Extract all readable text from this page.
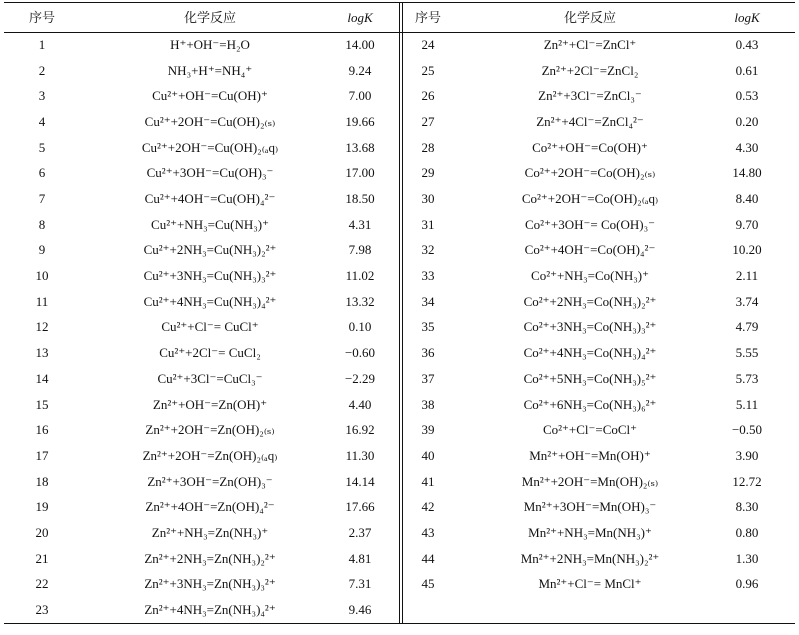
序号	化学反应	logK	序号	化学反应	logK
1	H⁺+OH⁻=H₂O	14.00
2	NH₃+H⁺=NH₄⁺	9.24
3	Cu²⁺+OH⁻=Cu(OH)⁺	7.00
4	Cu²⁺+2OH⁻=Cu(OH)₂₍ₛ₎	19.66
5	Cu²⁺+2OH⁻=Cu(OH)₂₍ₐq₎	13.68
6	Cu²⁺+3OH⁻=Cu(OH)₃⁻	17.00
7	Cu²⁺+4OH⁻=Cu(OH)₄²⁻	18.50
8	Cu²⁺+NH₃=Cu(NH₃)⁺	4.31
9	Cu²⁺+2NH₃=Cu(NH₃)₂²⁺	7.98
10	Cu²⁺+3NH₃=Cu(NH₃)₃²⁺	11.02
11	Cu²⁺+4NH₃=Cu(NH₃)₄²⁺	13.32
12	Cu²⁺+Cl⁻= CuCl⁺	0.10
13	Cu²⁺+2Cl⁻= CuCl₂	−0.60
14	Cu²⁺+3Cl⁻=CuCl₃⁻	−2.29
15	Zn²⁺+OH⁻=Zn(OH)⁺	4.40
16	Zn²⁺+2OH⁻=Zn(OH)₂₍ₛ₎	16.92
17	Zn²⁺+2OH⁻=Zn(OH)₂₍ₐq₎	11.30
18	Zn²⁺+3OH⁻=Zn(OH)₃⁻	14.14
19	Zn²⁺+4OH⁻=Zn(OH)₄²⁻	17.66
20	Zn²⁺+NH₃=Zn(NH₃)⁺	2.37
21	Zn²⁺+2NH₃=Zn(NH₃)₂²⁺	4.81
22	Zn²⁺+3NH₃=Zn(NH₃)₃²⁺	7.31
23	Zn²⁺+4NH₃=Zn(NH₃)₄²⁺	9.46
24	Zn²⁺+Cl⁻=ZnCl⁺	0.43
25	Zn²⁺+2Cl⁻=ZnCl₂	0.61
26	Zn²⁺+3Cl⁻=ZnCl₃⁻	0.53
27	Zn²⁺+4Cl⁻=ZnCl₄²⁻	0.20
28	Co²⁺+OH⁻=Co(OH)⁺	4.30
29	Co²⁺+2OH⁻=Co(OH)₂₍ₛ₎	14.80
30	Co²⁺+2OH⁻=Co(OH)₂₍ₐq₎	8.40
31	Co²⁺+3OH⁻= Co(OH)₃⁻	9.70
32	Co²⁺+4OH⁻=Co(OH)₄²⁻	10.20
33	Co²⁺+NH₃=Co(NH₃)⁺	2.11
34	Co²⁺+2NH₃=Co(NH₃)₂²⁺	3.74
35	Co²⁺+3NH₃=Co(NH₃)₃²⁺	4.79
36	Co²⁺+4NH₃=Co(NH₃)₄²⁺	5.55
37	Co²⁺+5NH₃=Co(NH₃)₅²⁺	5.73
38	Co²⁺+6NH₃=Co(NH₃)₆²⁺	5.11
39	Co²⁺+Cl⁻=CoCl⁺	−0.50
40	Mn²⁺+OH⁻=Mn(OH)⁺	3.90
41	Mn²⁺+2OH⁻=Mn(OH)₂₍ₛ₎	12.72
42	Mn²⁺+3OH⁻=Mn(OH)₃⁻	8.30
43	Mn²⁺+NH₃=Mn(NH₃)⁺	0.80
44	Mn²⁺+2NH₃=Mn(NH₃)₂²⁺	1.30
45	Mn²⁺+Cl⁻= MnCl⁺	0.96
